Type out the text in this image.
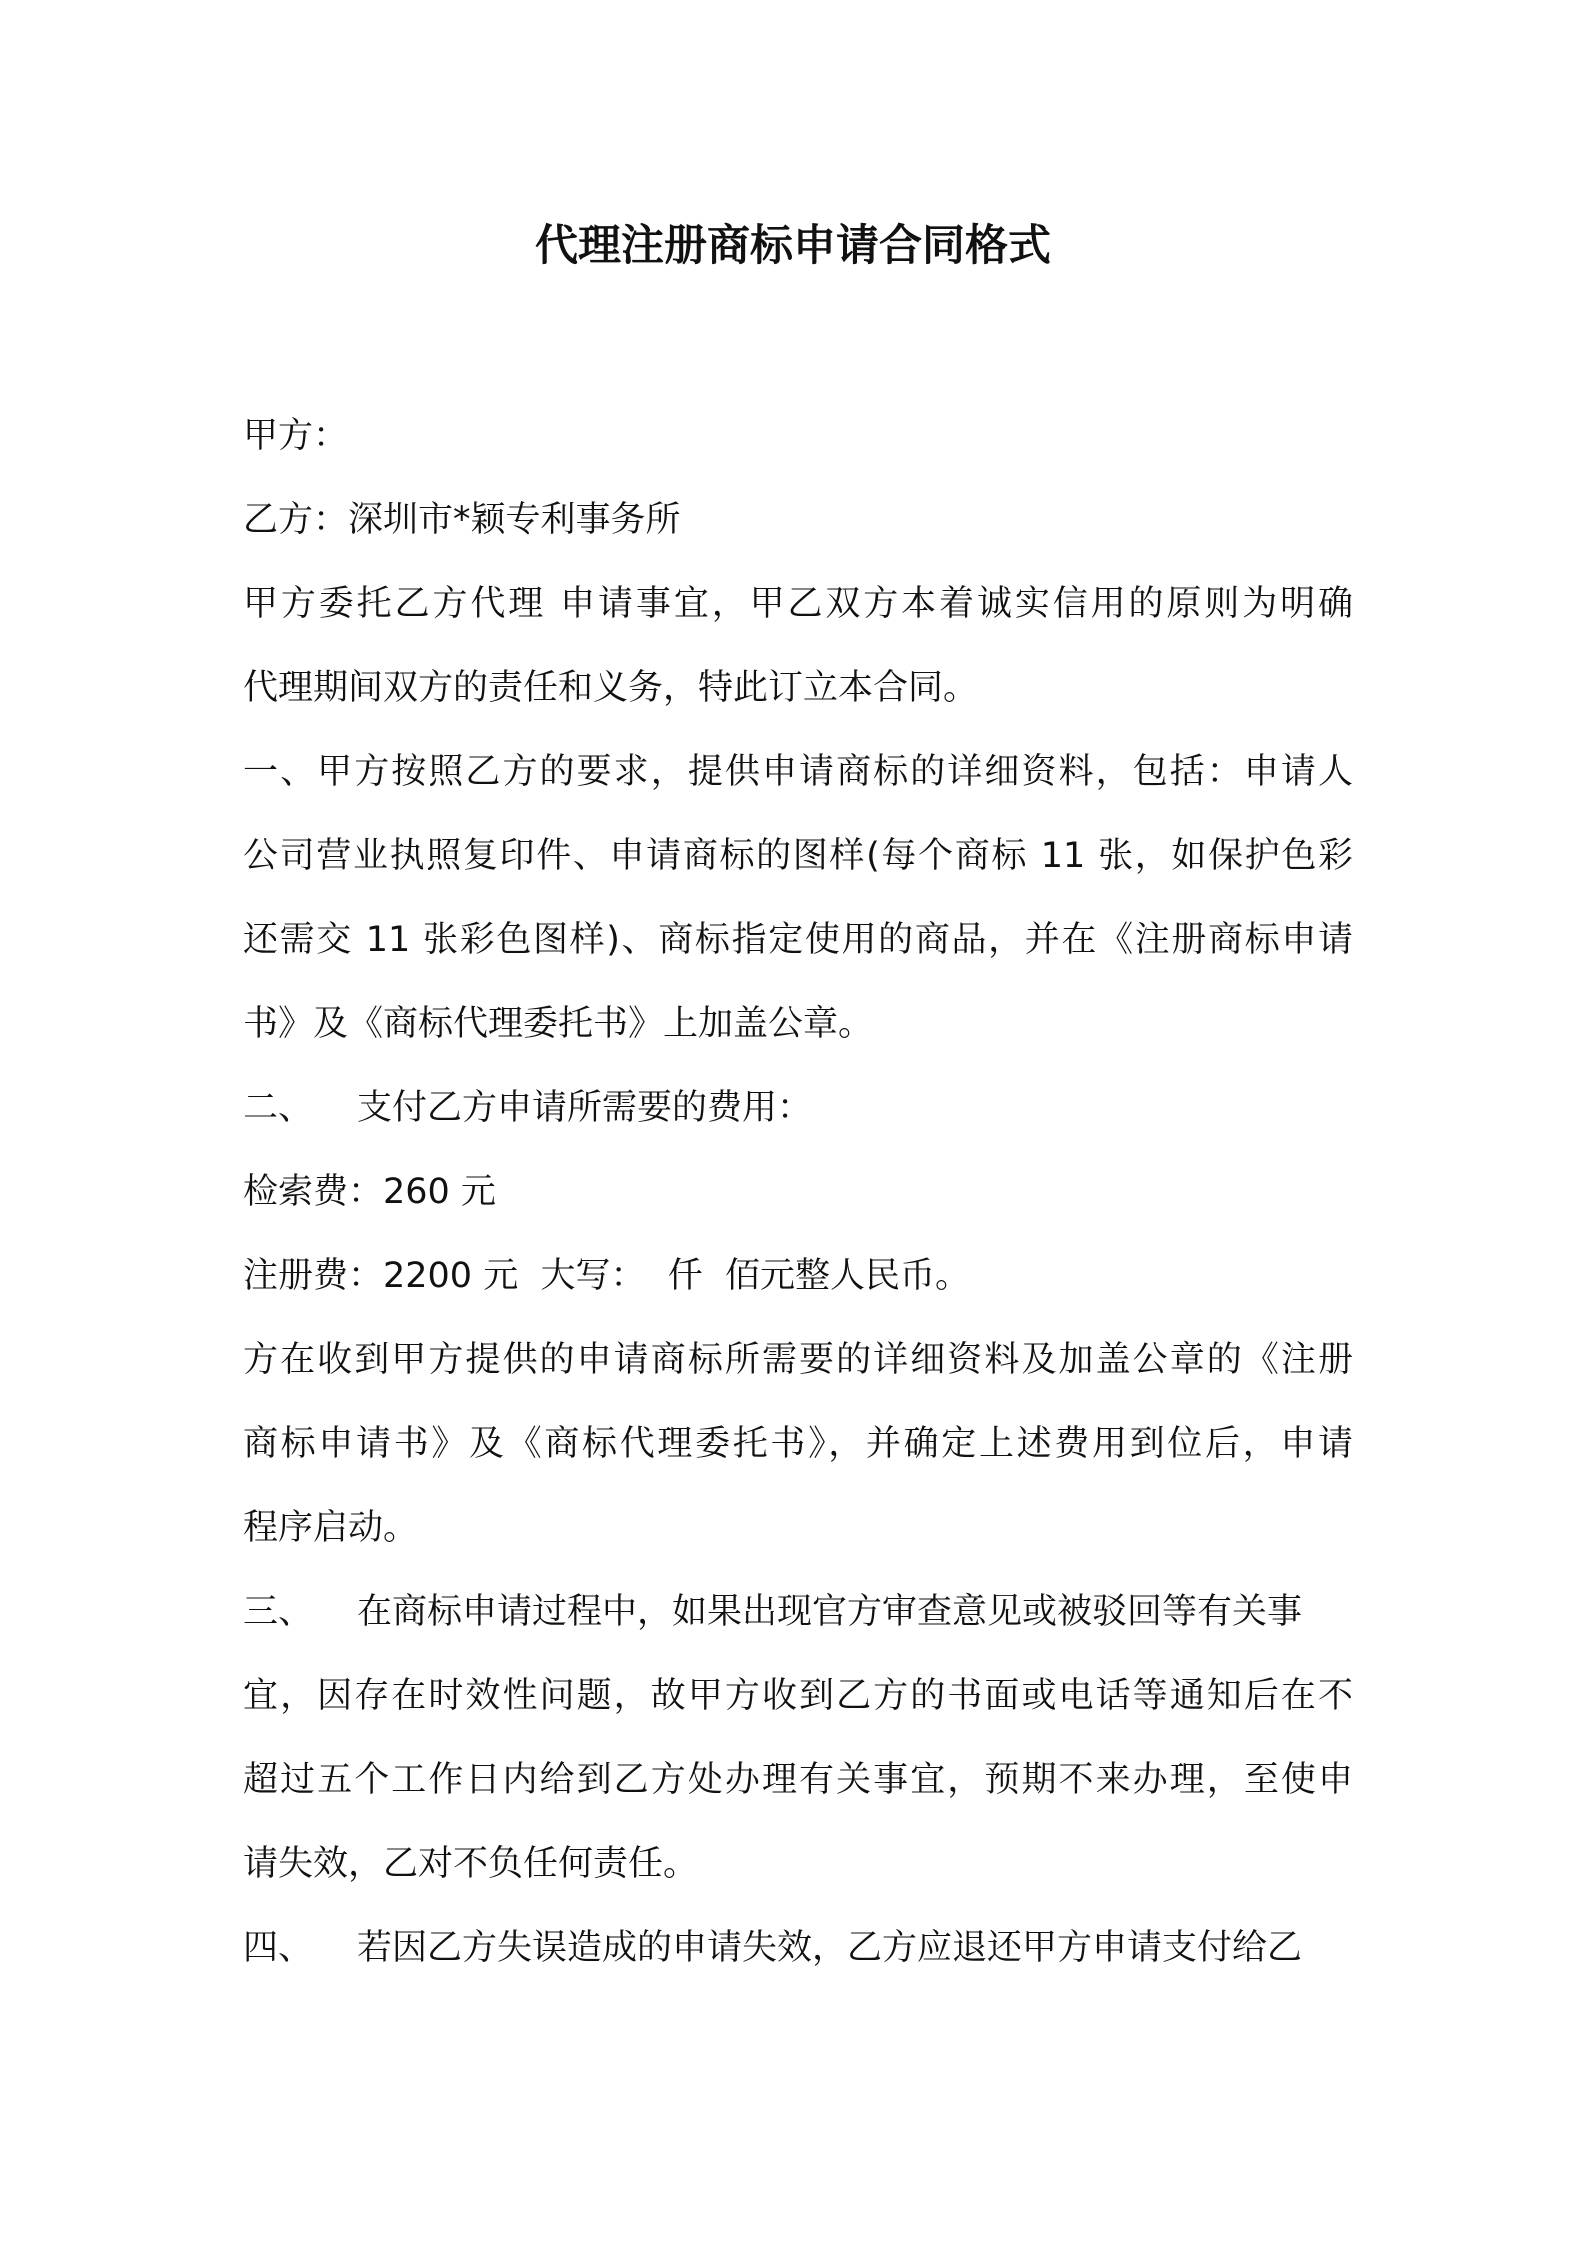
代理注册商标申请合同格式
甲方：
乙方：深圳市*颖专利事务所
甲方委托乙方代理 申请事宜，甲乙双方本着诚实信用的原则为明确
代理期间双方的责任和义务，特此订立本合同。
一、甲方按照乙方的要求，提供申请商标的详细资料，包括：申请人
公司营业执照复印件、申请商标的图样(每个商标 11 张，如保护色彩
还需交 11 张彩色图样)、商标指定使用的商品，并在《注册商标申请
书》及《商标代理委托书》上加盖公章。
二、 支付乙方申请所需要的费用：
检索费：260 元
注册费：2200 元  大写：  仟  佰元整人民币。
方在收到甲方提供的申请商标所需要的详细资料及加盖公章的《注册
商标申请书》及《商标代理委托书》，并确定上述费用到位后，申请
程序启动。
三、 在商标申请过程中，如果出现官方审查意见或被驳回等有关事
宜，因存在时效性问题，故甲方收到乙方的书面或电话等通知后在不
超过五个工作日内给到乙方处办理有关事宜，预期不来办理，至使申
请失效，乙对不负任何责任。
四、 若因乙方失误造成的申请失效，乙方应退还甲方申请支付给乙
